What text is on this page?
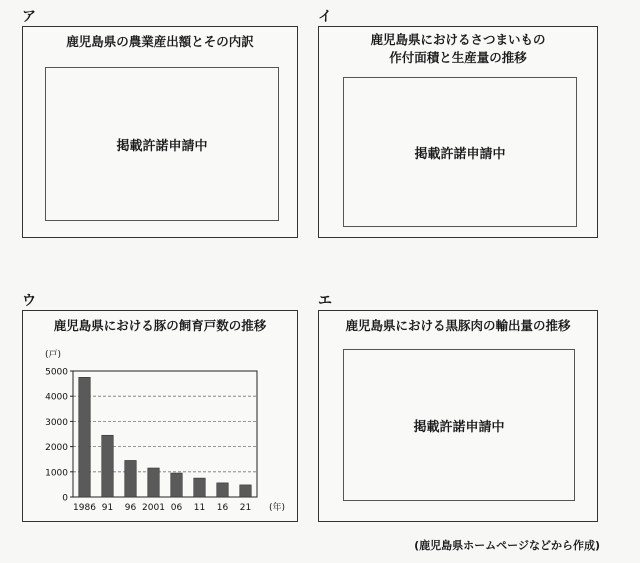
ア
鹿児島県の農業産出額とその内訳
掲載許諾申請中
イ
鹿児島県におけるさつまいもの
作付面積と生産量の推移
掲載許諾申請中
ウ
鹿児島県における豚の飼育戸数の推移
0
1000
2000
3000
4000
5000
(戸)
1986 91 96 2001 06 11 16 21 (年)
エ
鹿児島県における黒豚肉の輸出量の推移
掲載許諾申請中
(鹿児島県ホームページなどから作成)
